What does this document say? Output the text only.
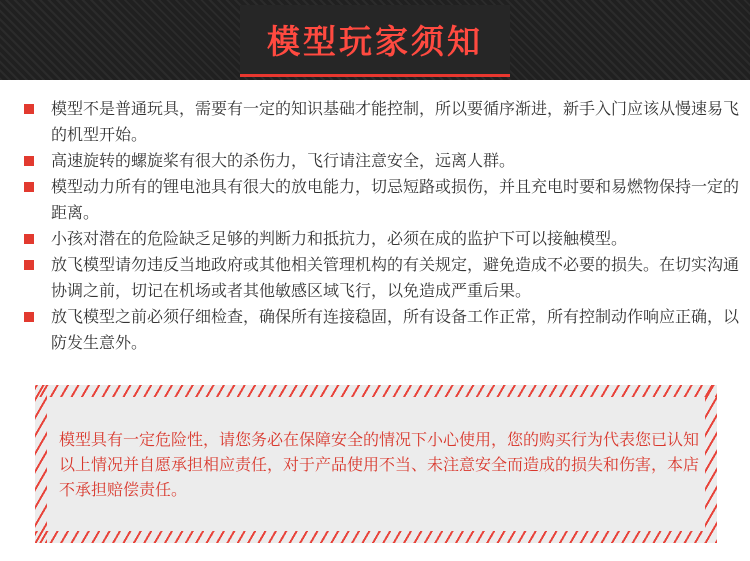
模型玩家须知
模型不是普通玩具，需要有一定的知识基础才能控制，所以要循序渐进，新手入门应该从慢速易飞的机型开始。
高速旋转的螺旋桨有很大的杀伤力，飞行请注意安全，远离人群。
模型动力所有的锂电池具有很大的放电能力，切忌短路或损伤，并且充电时要和易燃物保持一定的距离。
小孩对潜在的危险缺乏足够的判断力和抵抗力，必须在成的监护下可以接触模型。
放飞模型请勿违反当地政府或其他相关管理机构的有关规定，避免造成不必要的损失。在切实沟通协调之前，切记在机场或者其他敏感区域飞行，以免造成严重后果。
放飞模型之前必须仔细检查，确保所有连接稳固，所有设备工作正常，所有控制动作响应正确，以防发生意外。
模型具有一定危险性，请您务必在保障安全的情况下小心使用，您的购买行为代表您已认知以上情况并自愿承担相应责任，对于产品使用不当、未注意安全而造成的损失和伤害，本店不承担赔偿责任。
